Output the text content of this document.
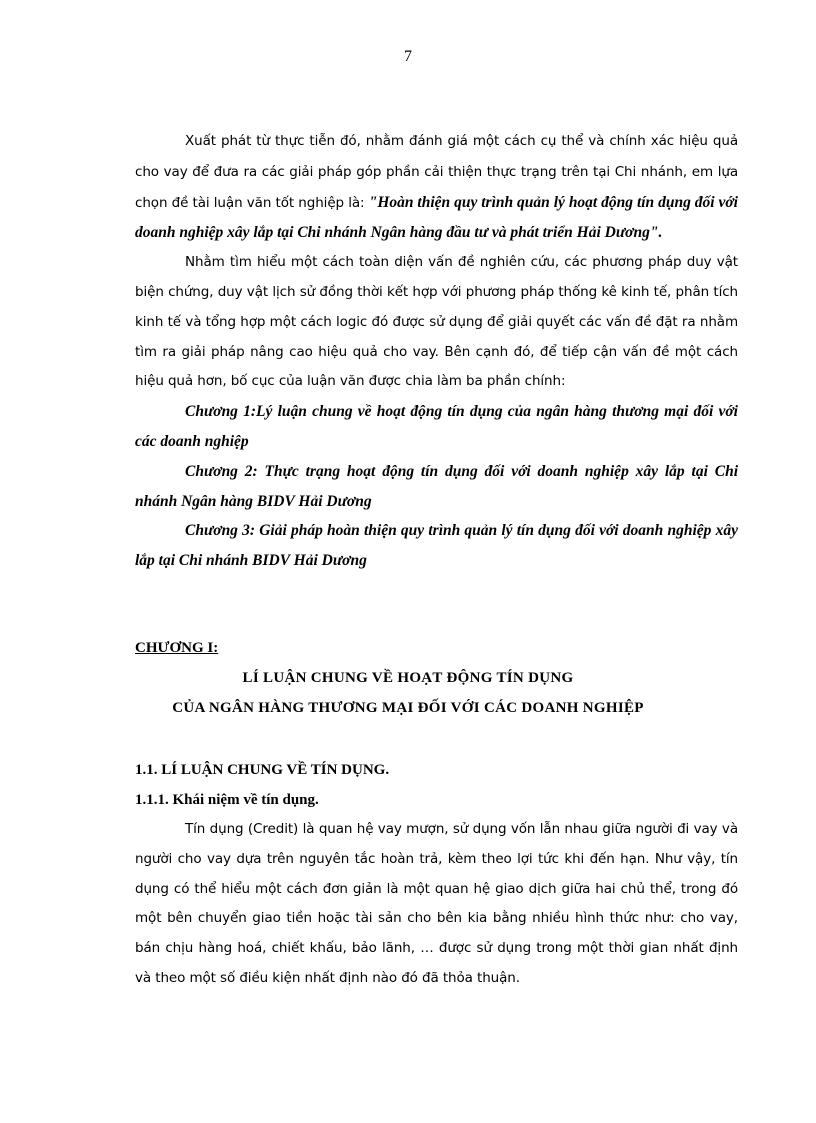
7

Xuất phát từ thực tiễn đó, nhằm đánh giá một cách cụ thể và chính xác hiệu quả cho vay để đưa ra các giải pháp góp phần cải thiện thực trạng trên tại Chi nhánh, em lựa chọn đề tài luận văn tốt nghiệp là: "Hoàn thiện quy trình quản lý hoạt động tín dụng đối với doanh nghiệp xây lắp tại Chi nhánh Ngân hàng đầu tư và phát triển Hải Dương".

Nhằm tìm hiểu một cách toàn diện vấn đề nghiên cứu, các phương pháp duy vật biện chứng, duy vật lịch sử đồng thời kết hợp với phương pháp thống kê kinh tế, phân tích kinh tế và tổng hợp một cách logic đó được sử dụng để giải quyết các vấn đề đặt ra nhằm tìm ra giải pháp nâng cao hiệu quả cho vay. Bên cạnh đó, để tiếp cận vấn đề một cách hiệu quả hơn, bố cục của luận văn được chia làm ba phần chính:

Chương 1:Lý luận chung về hoạt động tín dụng của ngân hàng thương mại đối với các doanh nghiệp

Chương 2: Thực trạng hoạt động tín dụng đối với doanh nghiệp xây lắp tại Chi nhánh Ngân hàng BIDV Hải Dương

Chương 3: Giải pháp hoàn thiện quy trình quản lý tín dụng đối với doanh nghiệp xây lắp tại Chi nhánh BIDV Hải Dương

CHƯƠNG I:
LÍ LUẬN CHUNG VỀ HOẠT ĐỘNG TÍN DỤNG
CỦA NGÂN HÀNG THƯƠNG MẠI ĐỐI VỚI CÁC DOANH NGHIỆP
1.1. LÍ LUẬN CHUNG VỀ TÍN DỤNG.
1.1.1. Khái niệm về tín dụng.

Tín dụng (Credit) là quan hệ vay mượn, sử dụng vốn lẫn nhau giữa người đi vay và người cho vay dựa trên nguyên tắc hoàn trả, kèm theo lợi tức khi đến hạn. Như vậy, tín dụng có thể hiểu một cách đơn giản là một quan hệ giao dịch giữa hai chủ thể, trong đó một bên chuyển giao tiền hoặc tài sản cho bên kia bằng nhiều hình thức như: cho vay, bán chịu hàng hoá, chiết khấu, bảo lãnh, … được sử dụng trong một thời gian nhất định và theo một số điều kiện nhất định nào đó đã thỏa thuận.
